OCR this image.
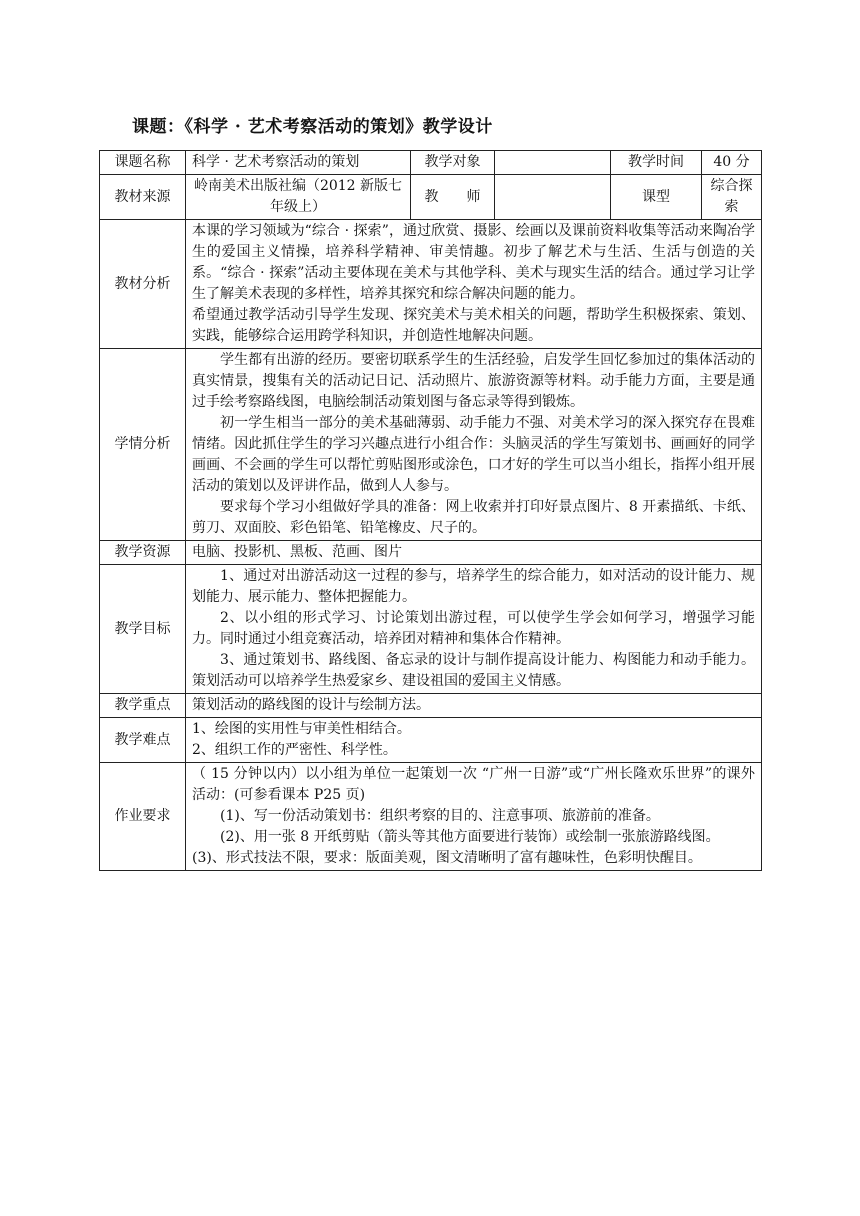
课题：《科学 · 艺术考察活动的策划》教学设计
课题名称	科学 · 艺术考察活动的策划	教学对象		教学时间	40 分
教材来源	岭南美术出版社编（2012 新版七年级上）	教　　师		课型	综合探索
教材分析	本课的学习领域为“综合 · 探索”，通过欣赏、摄影、绘画以及课前资料收集等活动来陶冶学生的爱国主义情操，培养科学精神、审美情趣。初步了解艺术与生活、生活与创造的关系。“综合 · 探索”活动主要体现在美术与其他学科、美术与现实生活的结合。通过学习让学生了解美术表现的多样性，培养其探究和综合解决问题的能力。

希望通过教学活动引导学生发现、探究美术与美术相关的问题，帮助学生积极探索、策划、实践，能够综合运用跨学科知识，并创造性地解决问题。				

学情分析	学生都有出游的经历。要密切联系学生的生活经验，启发学生回忆参加过的集体活动的真实情景，搜集有关的活动记日记、活动照片、旅游资源等材料。动手能力方面，主要是通过手绘考察路线图，电脑绘制活动策划图与备忘录等得到锻炼。

初一学生相当一部分的美术基础薄弱、动手能力不强、对美术学习的深入探究存在畏难情绪。因此抓住学生的学习兴趣点进行小组合作：头脑灵活的学生写策划书、画画好的同学画画、不会画的学生可以帮忙剪贴图形或涂色，口才好的学生可以当小组长，指挥小组开展活动的策划以及评讲作品，做到人人参与。

要求每个学习小组做好学具的准备：网上收索并打印好景点图片、8 开素描纸、卡纸、剪刀、双面胶、彩色铅笔、铅笔橡皮、尺子的。				

教学资源	电脑、投影机、黑板、范画、图片				
教学目标	1、通过对出游活动这一过程的参与，培养学生的综合能力，如对活动的设计能力、规划能力、展示能力、整体把握能力。

2、以小组的形式学习、讨论策划出游过程，可以使学生学会如何学习，增强学习能力。同时通过小组竞赛活动，培养团对精神和集体合作精神。

3、通过策划书、路线图、备忘录的设计与制作提高设计能力、构图能力和动手能力。策划活动可以培养学生热爱家乡、建设祖国的爱国主义情感。				

教学重点	策划活动的路线图的设计与绘制方法。				
教学难点	1、绘图的实用性与审美性相结合。

2、组织工作的严密性、科学性。				

作业要求	（ 15 分钟以内）以小组为单位一起策划一次 “广州一日游”或“广州长隆欢乐世界”的课外活动：(可参看课本 P25 页)

(1)、写一份活动策划书：组织考察的目的、注意事项、旅游前的准备。

(2)、用一张 8 开纸剪贴（箭头等其他方面要进行装饰）或绘制一张旅游路线图。

(3)、形式技法不限，要求：版面美观，图文清晰明了富有趣味性，色彩明快醒目。				
